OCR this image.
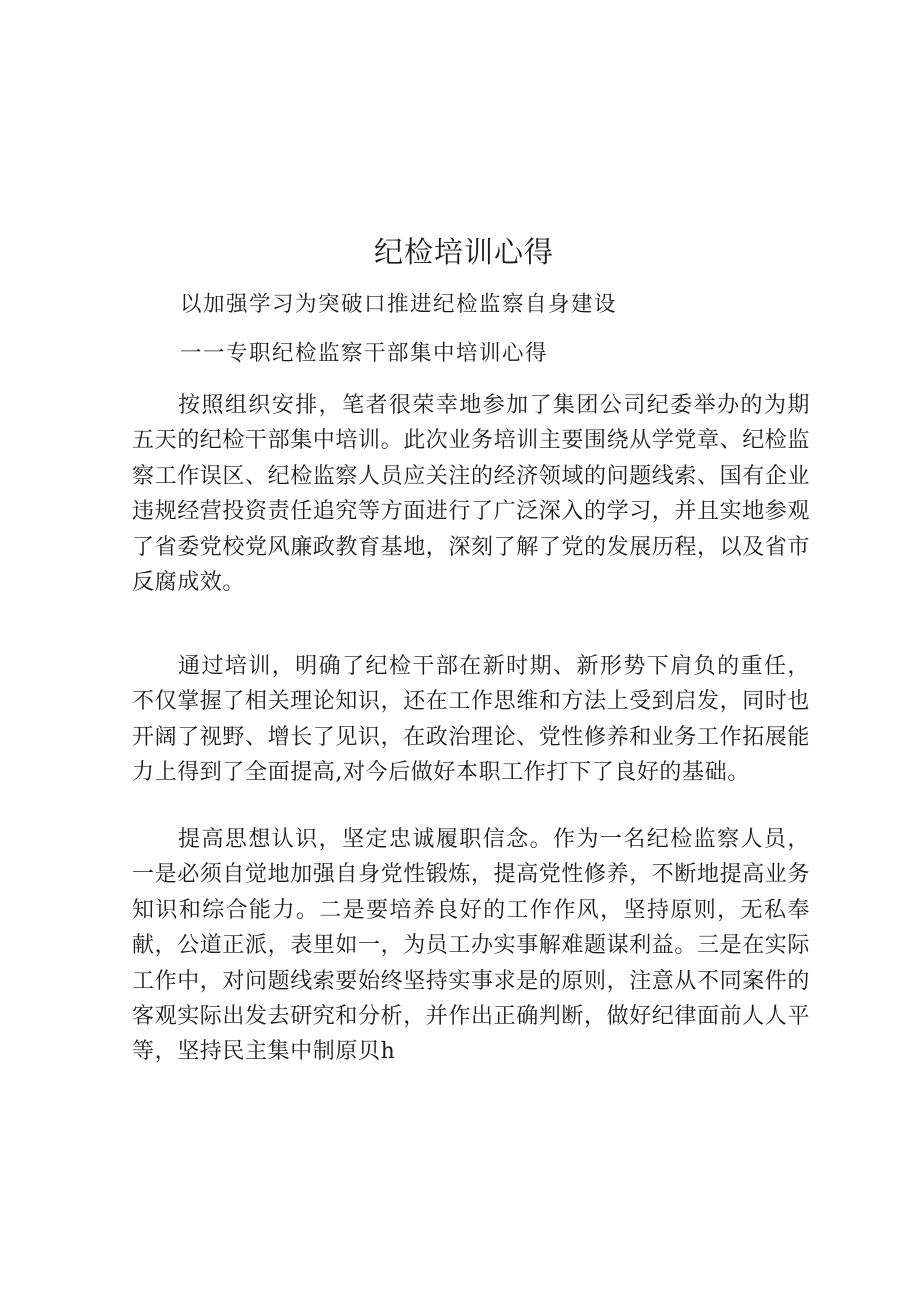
纪检培训心得

以加强学习为突破口推进纪检监察自身建设

一一专职纪检监察干部集中培训心得

按照组织安排，笔者很荣幸地参加了集团公司纪委举办的为期五天的纪检干部集中培训。此次业务培训主要围绕从学党章、纪检监察工作误区、纪检监察人员应关注的经济领域的问题线索、国有企业违规经营投资责任追究等方面进行了广泛深入的学习，并且实地参观了省委党校党风廉政教育基地，深刻了解了党的发展历程，以及省市反腐成效。

通过培训，明确了纪检干部在新时期、新形势下肩负的重任，不仅掌握了相关理论知识，还在工作思维和方法上受到启发，同时也开阔了视野、增长了见识，在政治理论、党性修养和业务工作拓展能力上得到了全面提高,对今后做好本职工作打下了良好的基础。

提高思想认识，坚定忠诚履职信念。作为一名纪检监察人员，一是必须自觉地加强自身党性锻炼，提高党性修养，不断地提高业务知识和综合能力。二是要培养良好的工作作风，坚持原则，无私奉献，公道正派，表里如一，为员工办实事解难题谋利益。三是在实际工作中，对问题线索要始终坚持实事求是的原则，注意从不同案件的客观实际出发去研究和分析，并作出正确判断，做好纪律面前人人平等，坚持民主集中制原贝h
